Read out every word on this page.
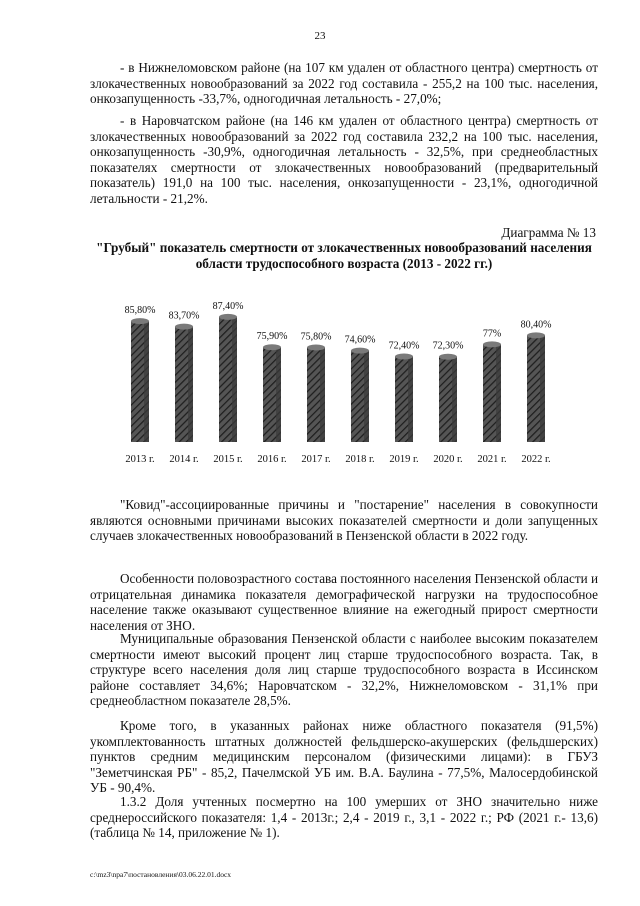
23

- в Нижнеломовском районе (на 107 км удален от областного центра) смертность от злокачественных новообразований за 2022 год составила - 255,2 на 100 тыс. населения, онкозапущенность -33,7%, одногодичная летальность - 27,0%;

- в Наровчатском районе (на 146 км удален от областного центра) смертность от злокачественных новообразований за 2022 год составила 232,2 на 100 тыс. населения, онкозапущенность -30,9%, одногодичная летальность - 32,5%, при среднеобластных показателях смертности от злокачественных новообразований (предварительный показатель) 191,0 на 100 тыс. населения, онкозапущенности - 23,1%, одногодичной летальности - 21,2%.

Диаграмма № 13
"Грубый" показатель смертности от злокачественных новообразований населения области трудоспособного возраста (2013 - 2022 гг.)
85,80%
2013 г.
83,70%
2014 г.
87,40%
2015 г.
75,90%
2016 г.
75,80%
2017 г.
74,60%
2018 г.
72,40%
2019 г.
72,30%
2020 г.
77%
2021 г.
80,40%
2022 г.

"Ковид"-ассоциированные причины и "постарение" населения в совокупности являются основными причинами высоких показателей смертности и доли запущенных случаев злокачественных новообразований в Пензенской области в 2022 году.

Особенности половозрастного состава постоянного населения Пензенской области и отрицательная динамика показателя демографической нагрузки на трудоспособное население также оказывают существенное влияние на ежегодный прирост смертности населения от ЗНО.

Муниципальные образования Пензенской области с наиболее высоким показателем смертности имеют высокий процент лиц старше трудоспособного возраста. Так, в структуре всего населения доля лиц старше трудоспособного возраста в Иссинском районе составляет 34,6%; Наровчатском - 32,2%, Нижнеломовском - 31,1% при среднеобластном показателе 28,5%.

Кроме того, в указанных районах ниже областного показателя (91,5%) укомплектованность штатных должностей фельдшерско-акушерских (фельдшерских) пунктов средним медицинским персоналом (физическими лицами): в ГБУЗ "Земетчинская РБ" - 85,2, Пачелмской УБ им. В.А. Баулина - 77,5%, Малосердобинской УБ - 90,4%.

1.3.2 Доля учтенных посмертно на 100 умерших от ЗНО значительно ниже среднероссийского показателя: 1,4 - 2013г.; 2,4 - 2019 г., 3,1 - 2022 г.; РФ (2021 г.- 13,6) (таблица № 14, приложение № 1).

c:\mz3\npa7\постановления\03.06.22.01.docx
